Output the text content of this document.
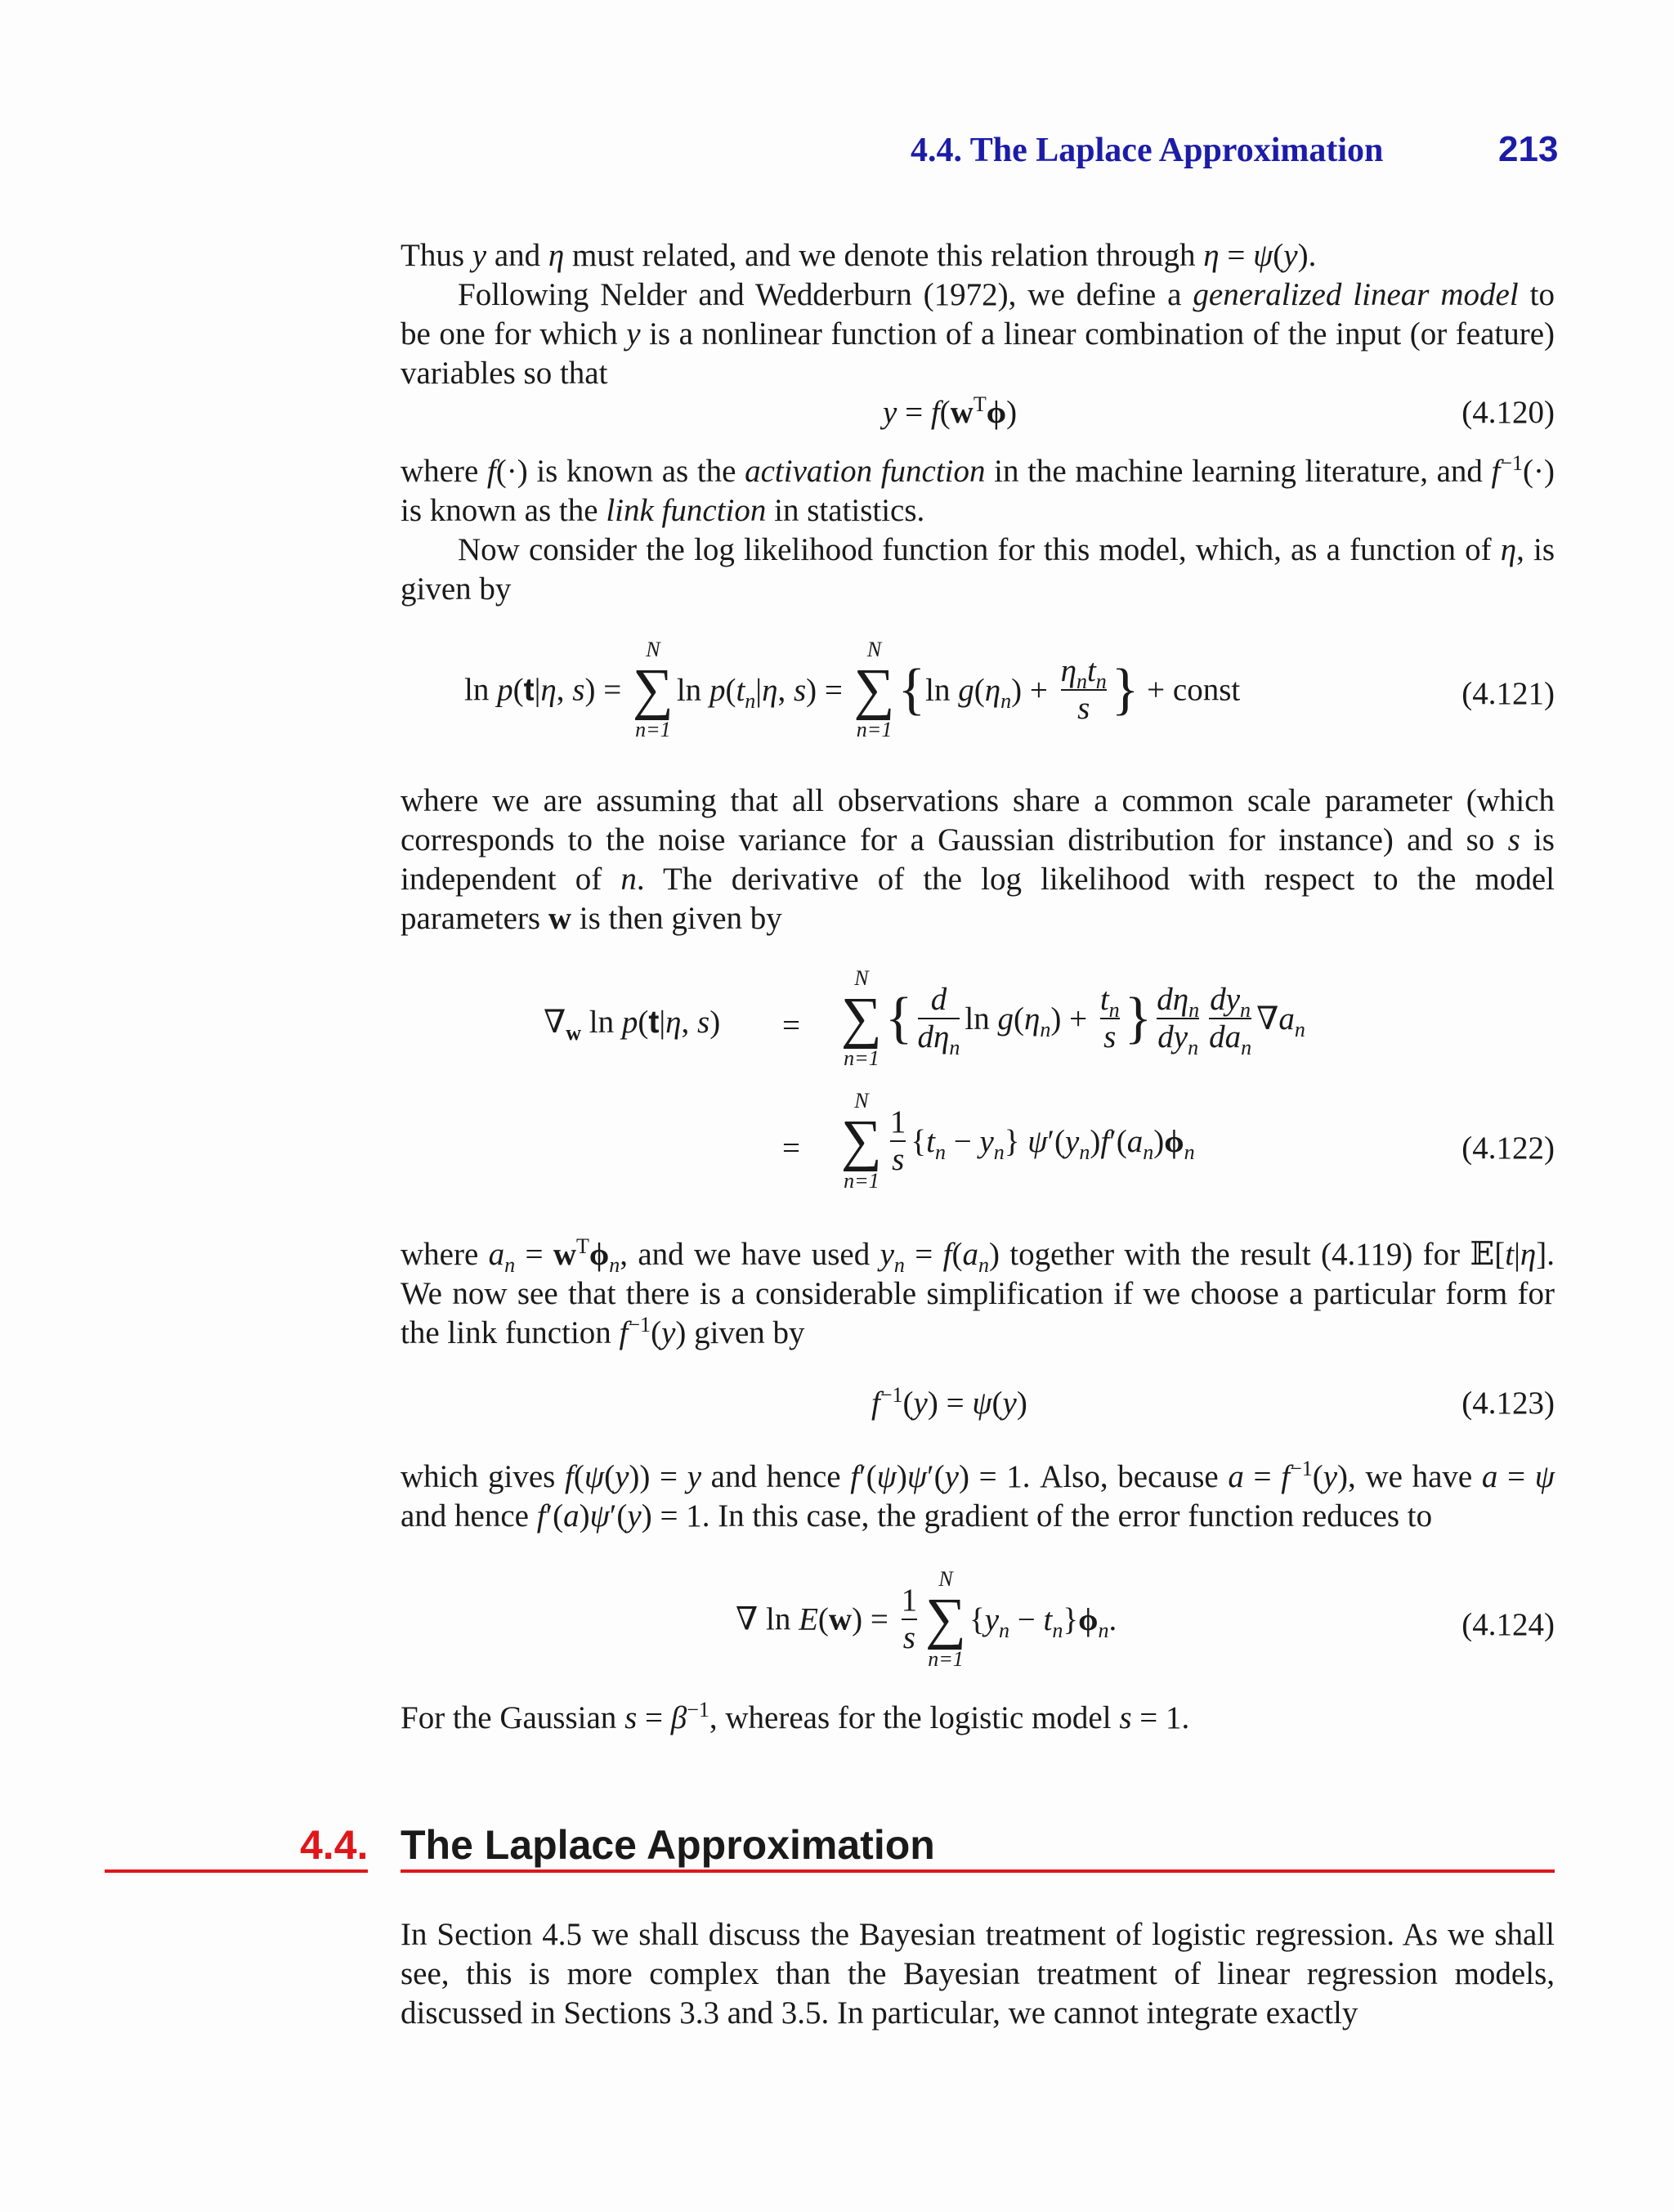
4.4. The Laplace Approximation	213
Thus y and η must related, and we denote this relation through η = ψ(y).
Following Nelder and Wedderburn (1972), we define a generalized linear model to be one for which y is a nonlinear function of a linear combination of the input (or feature) variables so that
$y = f(w^T\phi)$	(4.120)
where f(·) is known as the activation function in the machine learning literature, and $f^{-1}(\cdot)$ is known as the link function in statistics.
Now consider the log likelihood function for this model, which, as a function of η, is given by
ln p(t|η, s) =
N
∑
n=1
$\ln p(t_n|\eta$, s) =
N
∑
n=1
{ln $g(\eta_n) + \frac{\eta_nt_n}{s}$ } + const	(4.121)
where we are assuming that all observations share a common scale parameter (which corresponds to the noise variance for a Gaussian distribution for instance) and so s is independent of n. The derivative of the log likelihood with respect to the model parameters w is then given by
$\nabla_w$ ln p(t|η, s) =
N
∑
n=1
{ $\frac{d}{d\eta_n}$ $\ln g(\eta_n) + \frac{t_n}{s}$ } $\frac{d\eta_n}{dy_n} \frac{dy_n}{da_n} \nabla a_n$
=
N
∑
n=1
$\frac{1}{s} \{t_n - y_n\}$ $\psi'(y_n)f'(a_n)\phi_n$	(4.122)
where $a_n = w^T\phi_n$, and we have used $y_n = f(a_n)$ together with the result (4.119) for 𝔼[t|η]. We now see that there is a considerable simplification if we choose a particular form for the link function $f^{-1}(y)$ given by
$f^{-1}(y) = \psi(y)$	(4.123)
which gives f(ψ(y)) = y and hence f′(ψ)ψ′(y) = 1. Also, because $a = f^{-1}(y)$, we have a = ψ and hence f′(a)ψ′(y) = 1. In this case, the gradient of the error function reduces to
∇ $\ln E(w) = \frac{1}{s}$
N
∑
n=1
$\{y_n - t_n\}\phi_n$.	(4.124)
For the Gaussian $s = \beta^{-1}$, whereas for the logistic model s = 1.
4.4. The Laplace Approximation
In Section 4.5 we shall discuss the Bayesian treatment of logistic regression. As we shall see, this is more complex than the Bayesian treatment of linear regression models, discussed in Sections 3.3 and 3.5. In particular, we cannot integrate exactly
